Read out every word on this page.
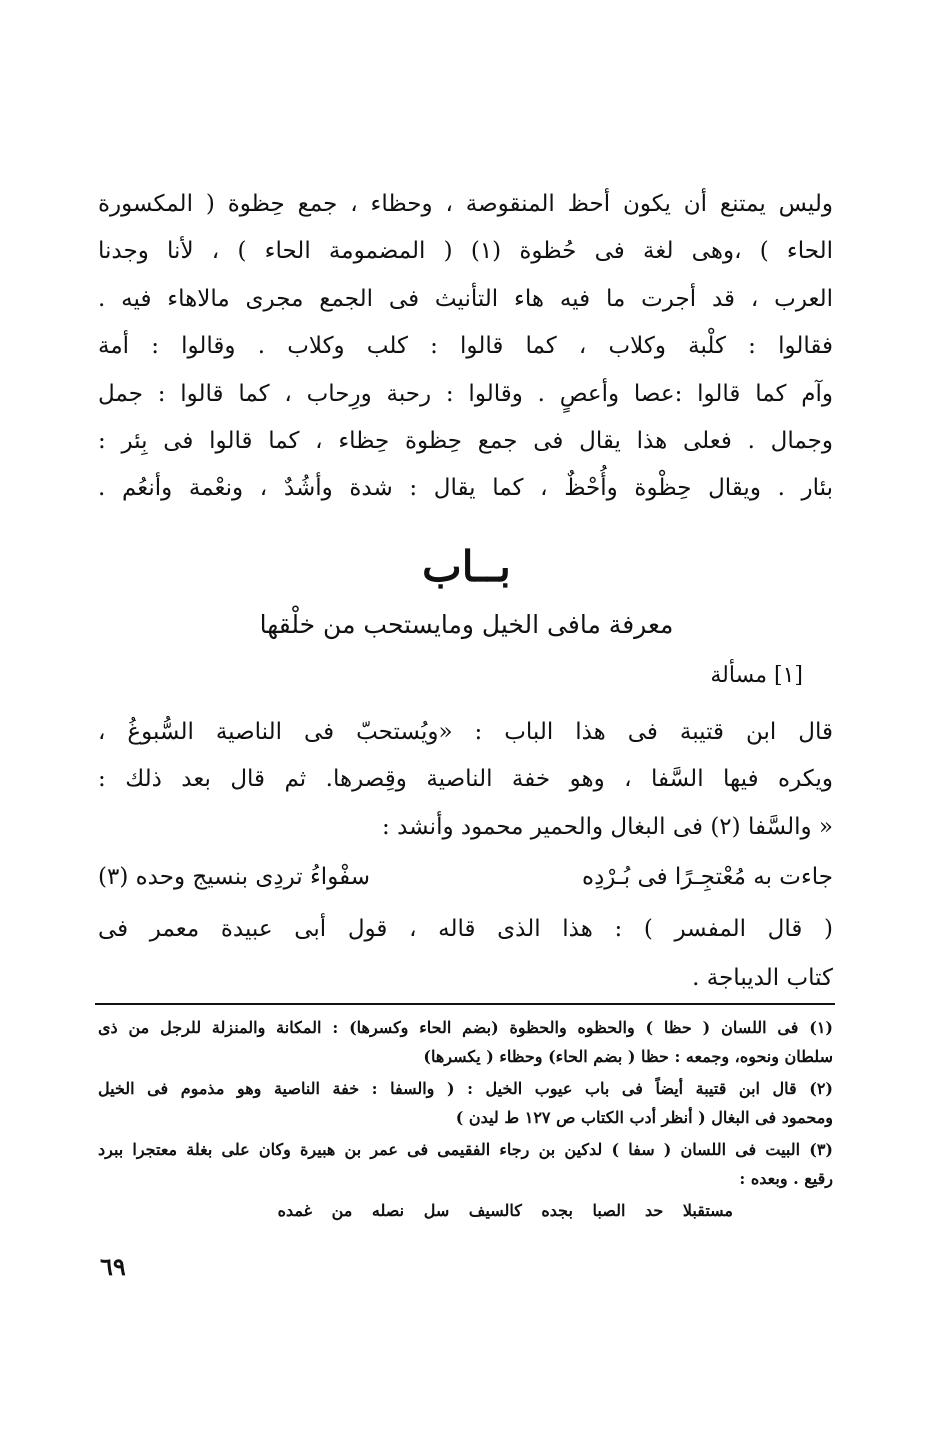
وليس يمتنع أن يكون أحظ المنقوصة ، وحظاء ، جمع حِظوة ( المكسورة
الحاء ) ،وهى لغة فى حُظوة (١) ( المضمومة الحاء ) ، لأنا وجدنا
العرب ، قد أجرت ما فيه هاء التأنيث فى الجمع مجرى مالاهاء فيه .
فقالوا : كلْبة وكلاب ، كما قالوا : كلب وكلاب . وقالوا : أمة
وآم كما قالوا :عصا وأعصٍ . وقالوا : رحبة ورِحاب ، كما قالوا : جمل
وجمال . فعلى هذا يقال فى جمع حِظوة حِظاء ، كما قالوا فى بِئر :
بئار . ويقال حِظْوة وأُحْظٌ ، كما يقال : شدة وأشُدٌ ، ونعْمة وأنعُم .
بــاب
معرفة مافى الخيل ومايستحب من خلْقها
[١] مسألة
قال ابن قتيبة فى هذا الباب : «ويُستحبّ فى الناصية السُّبوغُ ،
ويكره فيها السَّفا ، وهو خفة الناصية وقِصرها. ثم قال بعد ذلك :
« والسَّفا (٢) فى البغال والحمير محمود وأنشد :
جاءت به مُعْتجِـرًا فى بُـرْدِه
سفْواءُ تردِى بنسيج وحده (٣)
( قال المفسر ) : هذا الذى قاله ، قول أبى عبيدة معمر فى
كتاب الديباجة .
(١) فى اللسان ( حظا ) والحظوه والحظوة (بضم الحاء وكسرها) : المكانة والمنزلة للرجل من ذى
سلطان ونحوه، وجمعه : حظا ( بضم الحاء) وحظاء ( يكسرها)
(٢) قال ابن قتيبة أيضاً فى باب عيوب الخيل : ( والسفا : خفة الناصية وهو مذموم فى الخيل
ومحمود فى البغال ( أنظر أدب الكتاب ص ١٢٧ ط ليدن )
(٣) البيت فى اللسان ( سفا ) لدكين بن رجاء الفقيمى فى عمر بن هبيرة وكان على بغلة معتجرا ببرد
رقيع . وبعده :
مستقبلا حد الصبا بجده كالسيف سل نصله من غمده
٦٩
